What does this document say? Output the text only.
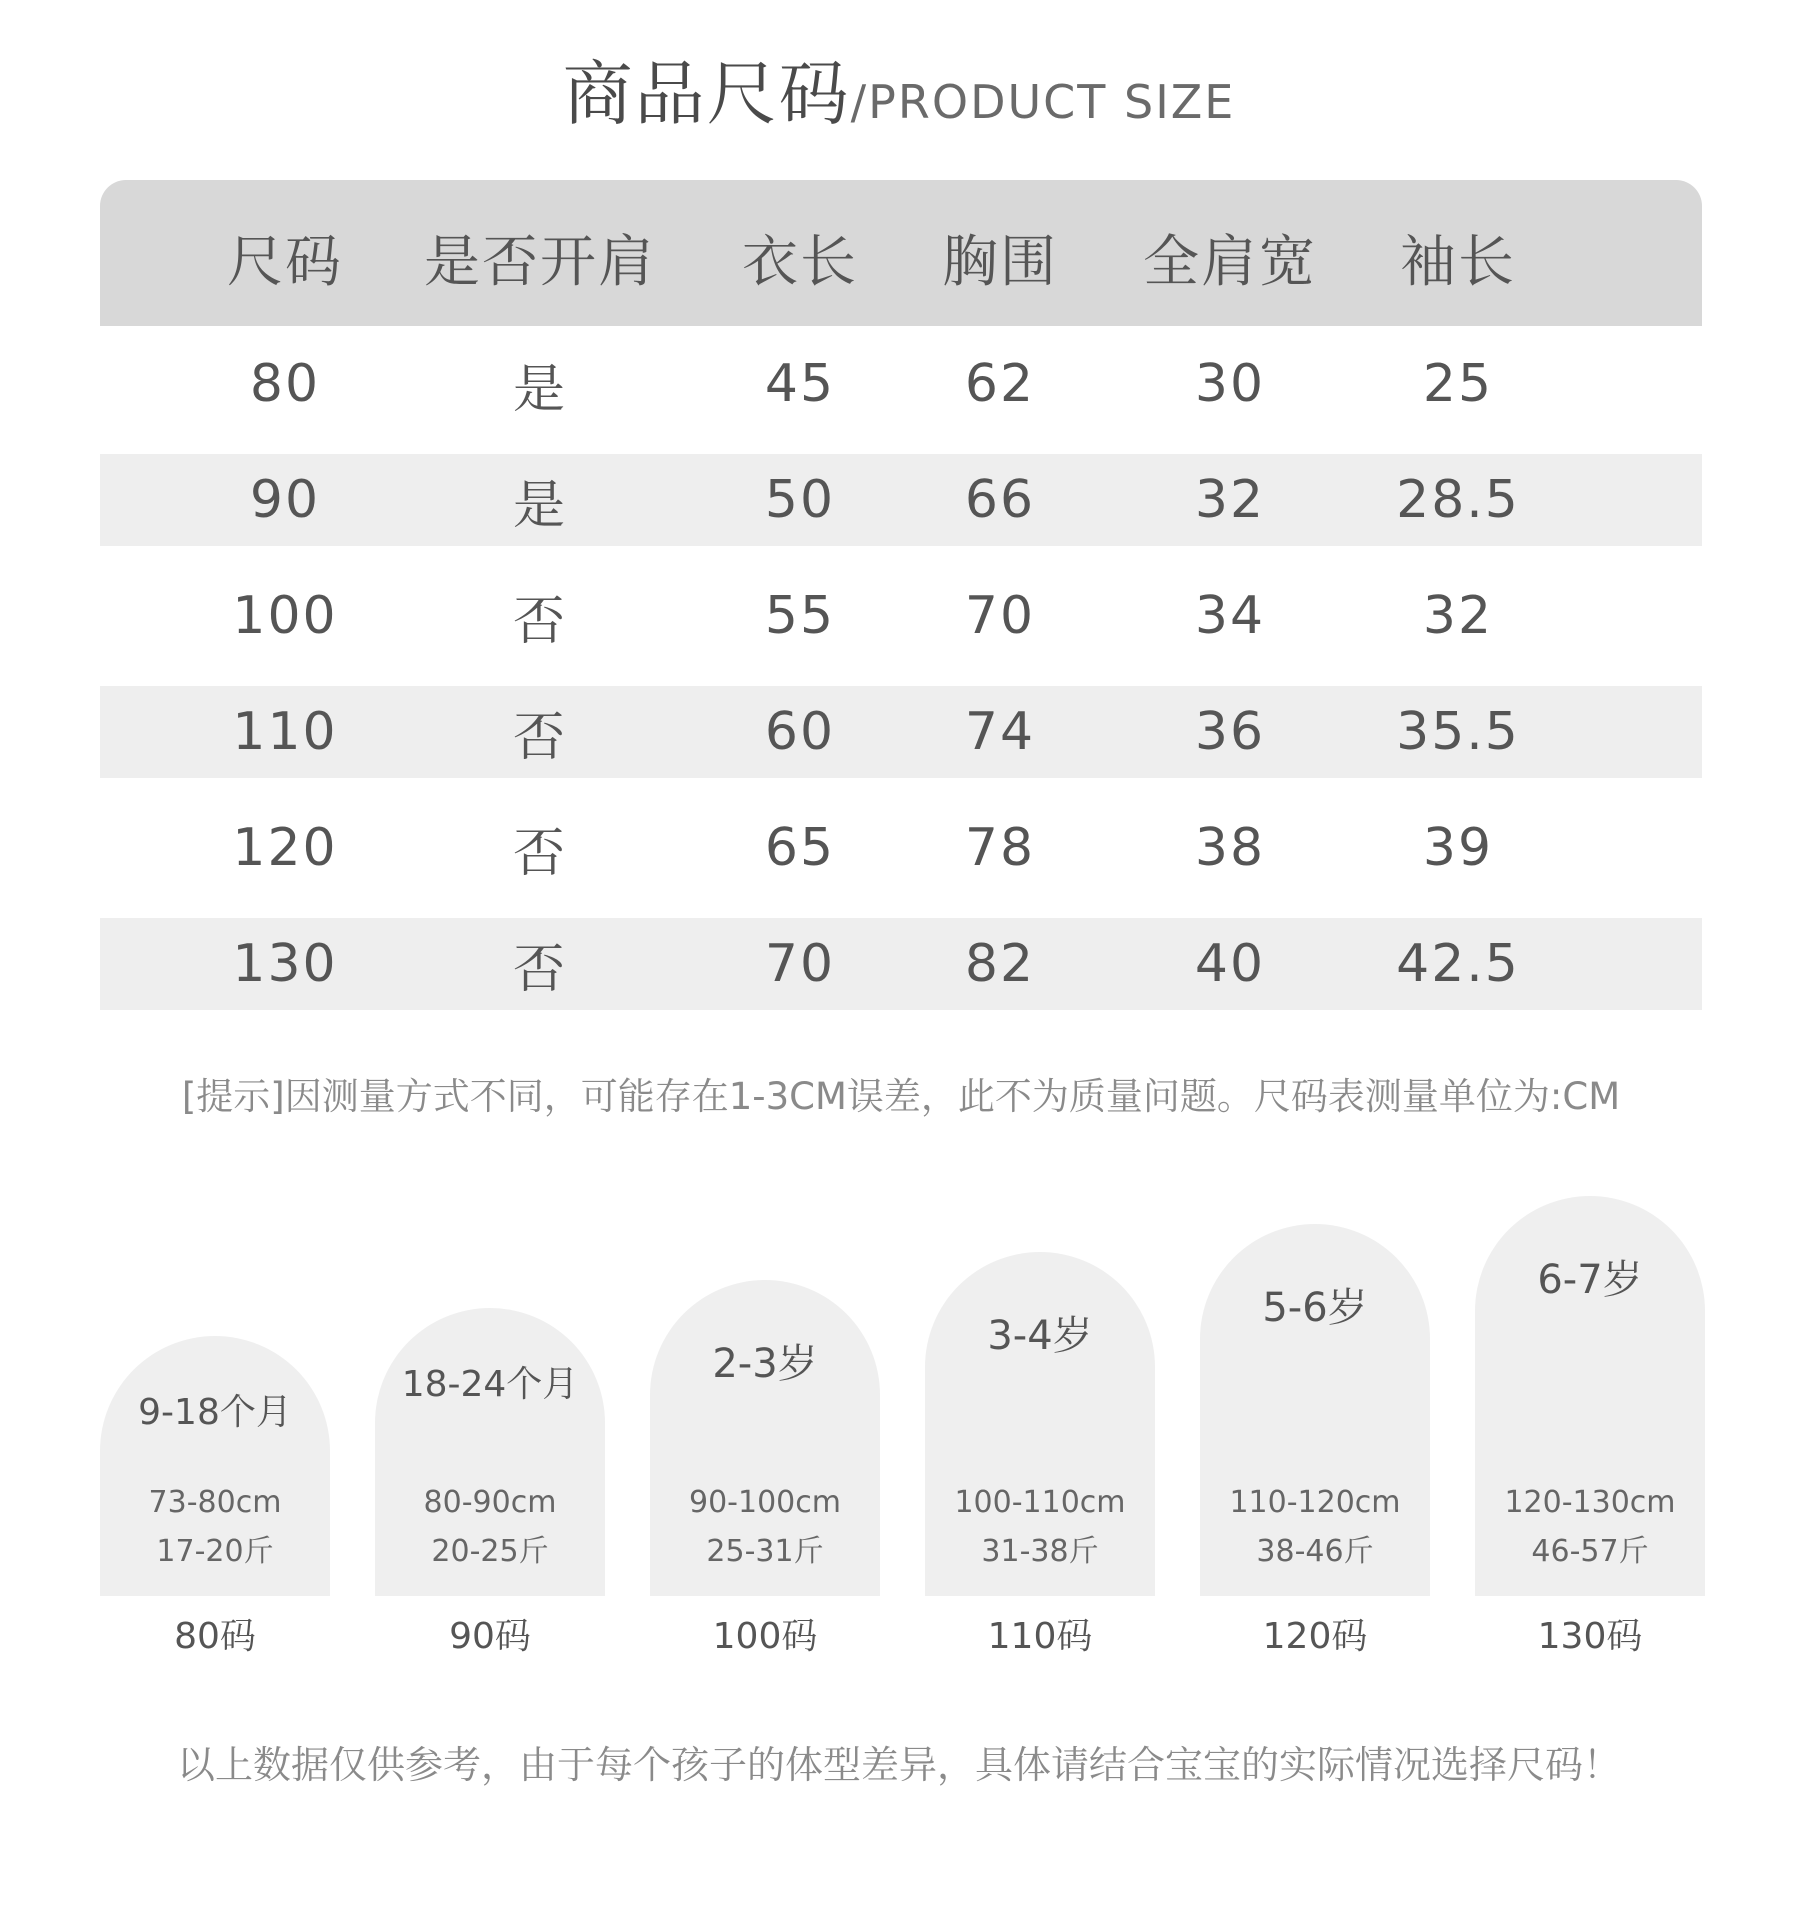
商品尺码/PRODUCT SIZE
尺码	是否开肩	衣长	胸围	全肩宽	袖长
80	是	45	62	30	25
90	是	50	66	32	28.5
100	否	55	70	34	32
110	否	60	74	36	35.5
120	否	65	78	38	39
130	否	70	82	40	42.5
[提示]因测量方式不同，可能存在1-3CM误差，此不为质量问题。尺码表测量单位为:CM
9-18个月
73-80cm
17-20斤
80码
18-24个月
80-90cm
20-25斤
90码
2-3岁
90-100cm
25-31斤
100码
3-4岁
100-110cm
31-38斤
110码
5-6岁
110-120cm
38-46斤
120码
6-7岁
120-130cm
46-57斤
130码
以上数据仅供参考，由于每个孩子的体型差异，具体请结合宝宝的实际情况选择尺码！
